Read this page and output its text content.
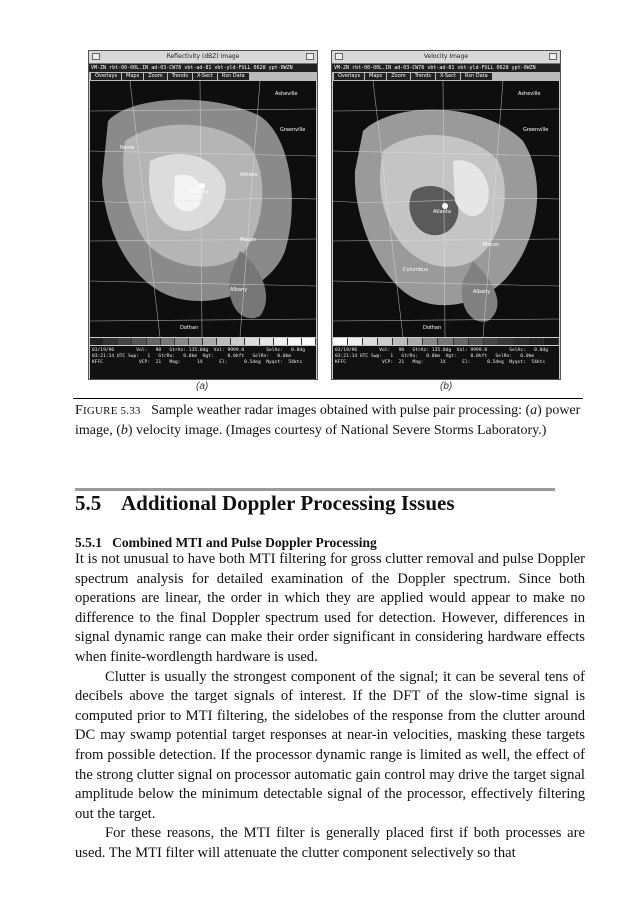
Reflectivity (dBZ) Image
VM-ZN rbt-00-00L.IN ad-03-CW78 vbt-ad-81 vbt-yld-FULL 0628 ypt-0WZN
Overlays	Maps	Zoom	Trends	X-Sect	Rsn Data
Rome
Atlanta
Athens
Macon
Albany
Dothan
Asheville
Greenville
03/19/96        Vol:   90   GtrAz: 135.0dg  Val: 9999.0        SelAz:   0.0dg
03:21:14 UTC Swp:   1   GtrRn:   0.0km  Hgt:     0.0kft   SelRn:   0.0km
KFFC             VCP:  21   Mag:      1X      El:      0.5deg  Nyqst:  54kts
(a)
Velocity Image
VM-ZN rbt-00-00L.IN ad-03-CW78 vbt-ad-81 vbt-yld-FULL 0628 ypt-0WZN
Overlays	Maps	Zoom	Trends	X-Sect	Rsn Data
Asheville
Greenville
Atlanta
Macon
Columbus
Albany
Dothan
03/19/96        Vol:   90   GtrAz: 135.0dg  Val: 9999.0        SelAz:   0.0dg
03:21:14 UTC Swp:   1   GtrRn:   0.0km  Hgt:     0.0kft   SelRn:   0.0km
KFFC             VCP:  21   Mag:      1X      El:      0.5deg  Nyqst:  54kts
(b)
FIGURE 5.33 Sample weather radar images obtained with pulse pair processing: (a) power image, (b) velocity image. (Images courtesy of National Severe Storms Laboratory.)
5.5 Additional Doppler Processing Issues
5.5.1 Combined MTI and Pulse Doppler Processing

It is not unusual to have both MTI filtering for gross clutter removal and pulse Doppler spectrum analysis for detailed examination of the Doppler spectrum. Since both operations are linear, the order in which they are applied would appear to make no difference to the final Doppler spectrum used for detection. However, differences in signal dynamic range can make their order significant in considering hardware effects when finite-wordlength hardware is used.

Clutter is usually the strongest component of the signal; it can be several tens of decibels above the target signals of interest. If the DFT of the slow-time signal is computed prior to MTI filtering, the sidelobes of the response from the clutter around DC may swamp potential target responses at near-in velocities, masking these targets from possible detection. If the processor dynamic range is limited as well, the effect of the strong clutter signal on processor automatic gain control may drive the target signal amplitude below the minimum detectable signal of the processor, effectively filtering out the target.

For these reasons, the MTI filter is generally placed first if both processes are used. The MTI filter will attenuate the clutter component selectively so that
